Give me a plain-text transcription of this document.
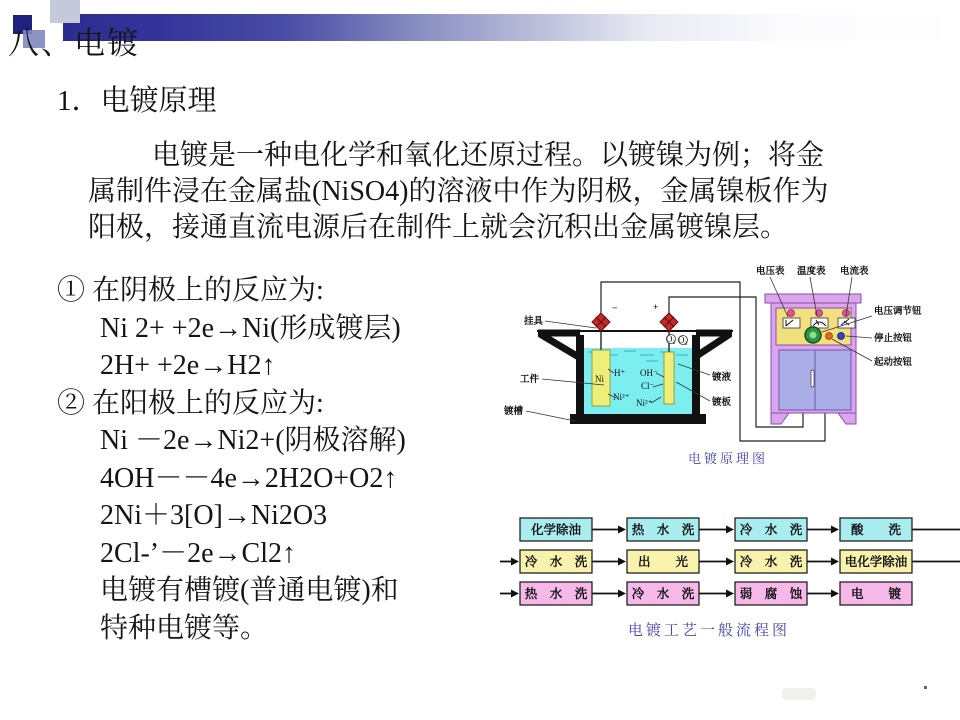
八、电镀
1．电镀原理
电镀是一种电化学和氧化还原过程。以镀镍为例；将金
属制件浸在金属盐(NiSO4)的溶液中作为阴极，金属镍板作为
阳极，接通直流电源后在制件上就会沉积出金属镀镍层。
① 在阴极上的反应为:
Ni 2+ +2e→Ni(形成镀层)
2H+ +2e→H2↑
② 在阳极上的反应为:
Ni －2e→Ni2+(阴极溶解)
4OH－－4e→2H2O+O2↑
2Ni＋3[O]→Ni2O3
2Cl-’－2e→Cl2↑
电镀有槽镀(普通电镀)和
特种电镀等。
−	+
O₂ O₂
Ni
H⁺
Ni²⁺
OH⁻
Cl⁻
Ni²⁺
挂具
工件
镀槽
镀液
镀板
电压表 温度表 电流表
电压调节钮
停止按钮
起动按钮
电镀原理图
化学除油	热　水　洗	冷　水　洗	酸　　洗
冷　水　洗	出　　光	冷　水　洗	电化学除油
热　水　洗	冷　水　洗	弱　腐　蚀	电　　镀
电镀工艺一般流程图
